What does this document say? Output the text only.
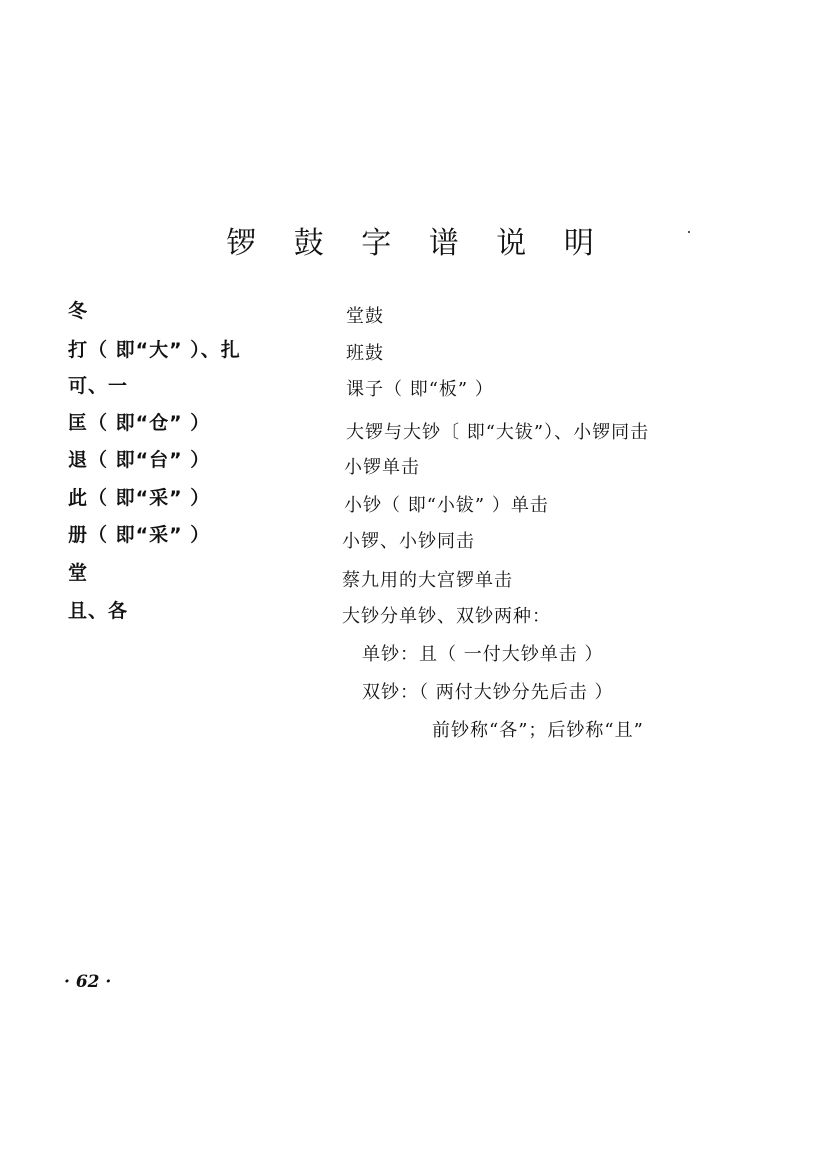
锣 鼓 字 谱 说 明
冬	堂鼓
打（ 即“大” ）、扎	班鼓
可、一	课子（ 即“板” ）
匡（ 即“仓” ）	大锣与大钞〔 即“大钹”）、小锣同击
退（ 即“台” ）	小锣单击
此（ 即“采” ）	小钞（ 即“小钹” ）单击
册（ 即“采” ）	小锣、小钞同击
堂	蔡九用的大宫锣单击
且、各	大钞分单钞、双钞两种：
单钞：且（ 一付大钞单击 ）
双钞：（ 两付大钞分先后击 ）
前钞称“各”；后钞称“且”
· 62 ·
